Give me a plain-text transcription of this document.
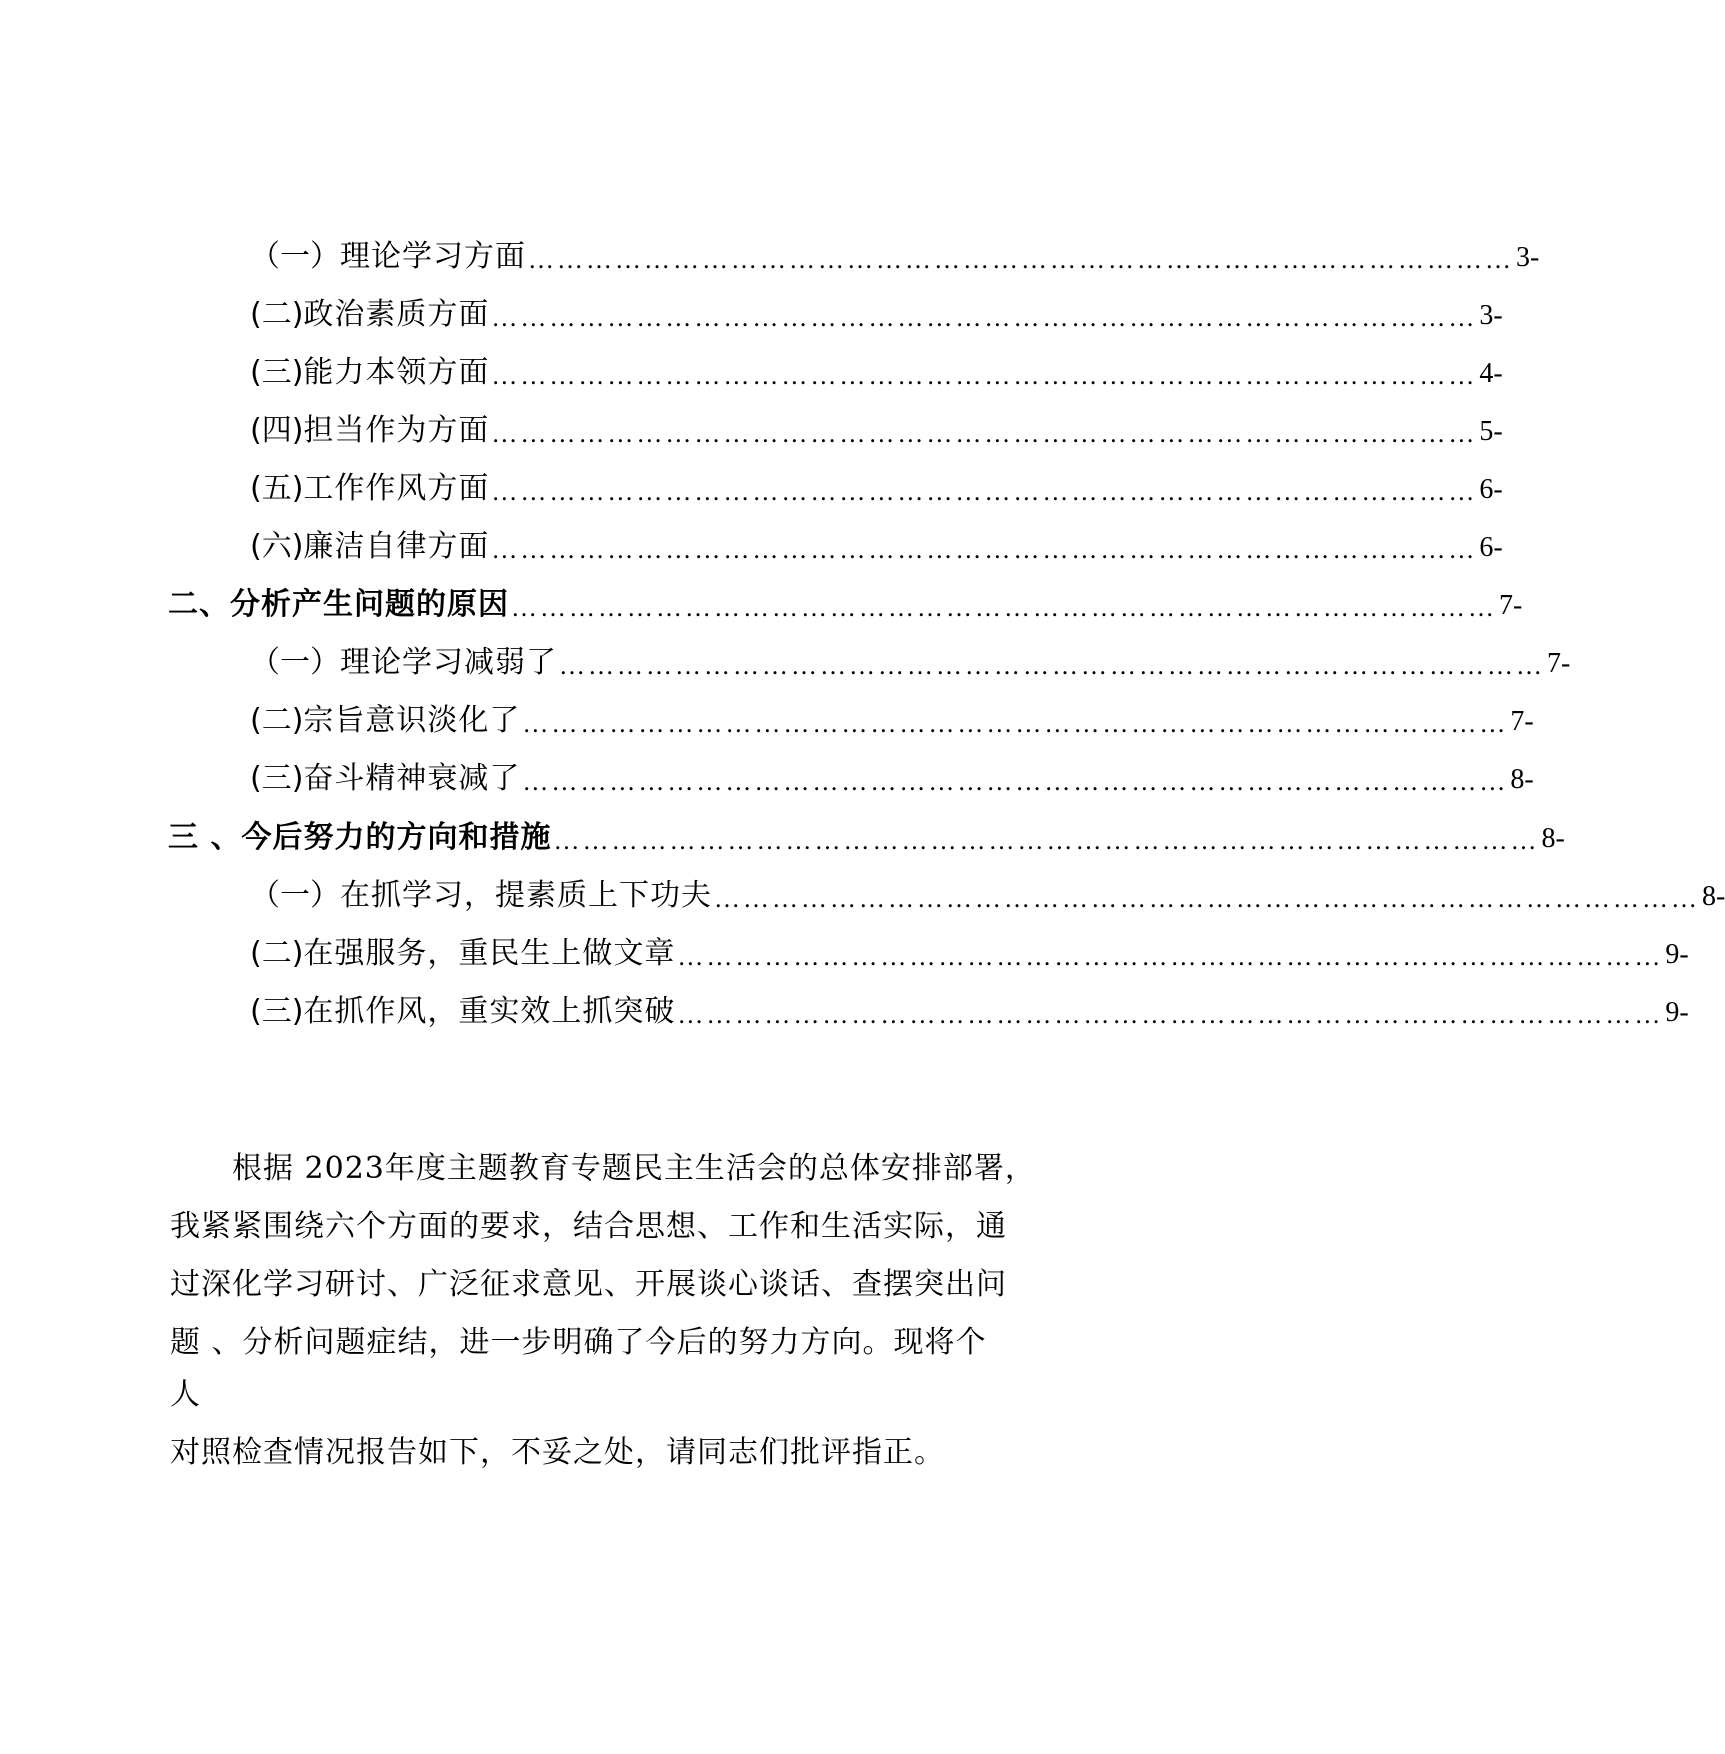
（一） 理论学习方面 ………………………………………………………………………………………… 3-
(二) 政治素质方面 ………………………………………………………………………………………… 3-
(三) 能力本领方面 ………………………………………………………………………………………… 4-
(四) 担当作为方面 ………………………………………………………………………………………… 5-
(五) 工作作风方面 ………………………………………………………………………………………… 6-
(六) 廉洁自律方面 ………………………………………………………………………………………… 6-
二、分析产生问题的原因 ………………………………………………………………………………………… 7-
（一） 理论学习减弱了 ………………………………………………………………………………………… 7-
(二) 宗旨意识淡化了 ………………………………………………………………………………………… 7-
(三) 奋斗精神衰减了 ………………………………………………………………………………………… 8-
三 、今后努力的方向和措施 ………………………………………………………………………………………… 8-
（一） 在抓学习，提素质上下功夫 ………………………………………………………………………………………… 8-
(二) 在强服务，重民生上做文章 ………………………………………………………………………………………… 9-
(三) 在抓作风，重实效上抓突破 ………………………………………………………………………………………… 9-
　　根据 2023年度主题教育专题民主生活会的总体安排部署，
我紧紧围绕六个方面的要求，结合思想、工作和生活实际，通
过深化学习研讨、广泛征求意见、开展谈心谈话、查摆突出问
题 、分析问题症结，进一步明确了今后的努力方向。现将个
人
对照检查情况报告如下，不妥之处，请同志们批评指正。
